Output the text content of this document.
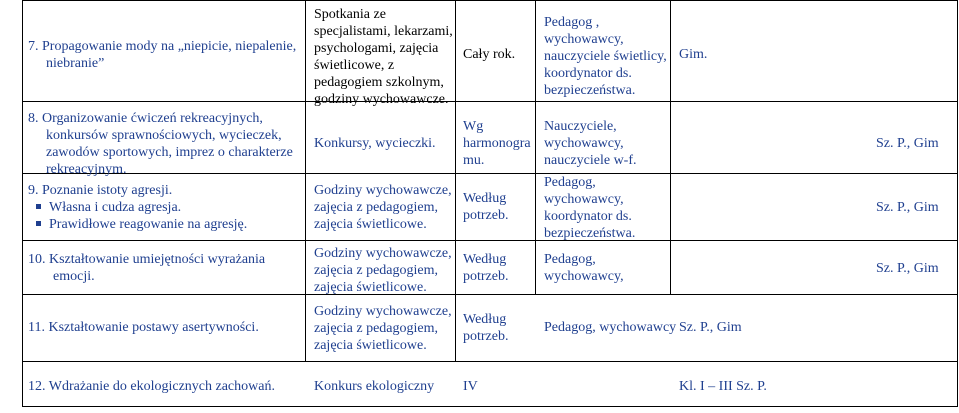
7. Propagowanie mody na „niepicie, niepalenie,
niebranie”
Spotkania ze
specjalistami, lekarzami,
psychologami, zajęcia
świetlicowe, z
pedagogiem szkolnym,
godziny wychowawcze.
Cały rok.
Pedagog ,
wychowawcy,
nauczyciele świetlicy,
koordynator ds.
bezpieczeństwa.
Gim.
8. Organizowanie ćwiczeń rekreacyjnych,
konkursów sprawnościowych, wycieczek,
zawodów sportowych, imprez o charakterze
rekreacyjnym.
Konkursy, wycieczki.
Wg
harmonogra
mu.
Nauczyciele,
wychowawcy,
nauczyciele w-f.
Sz. P., Gim
9. Poznanie istoty agresji.
Własna i cudza agresja.
Prawidłowe reagowanie na agresję.
Godziny wychowawcze,
zajęcia z pedagogiem,
zajęcia świetlicowe.
Według
potrzeb.
Pedagog,
wychowawcy,
koordynator ds.
bezpieczeństwa.
Sz. P., Gim
10. Kształtowanie umiejętności wyrażania
emocji.
Godziny wychowawcze,
zajęcia z pedagogiem,
zajęcia świetlicowe.
Według
potrzeb.
Pedagog,
wychowawcy,
Sz. P., Gim
11. Kształtowanie postawy asertywności.
Godziny wychowawcze,
zajęcia z pedagogiem,
zajęcia świetlicowe.
Według
potrzeb.
Pedagog, wychowawcy Sz. P., Gim
12. Wdrażanie do ekologicznych zachowań.	Konkurs ekologiczny IV	Kl. I – III Sz. P.
